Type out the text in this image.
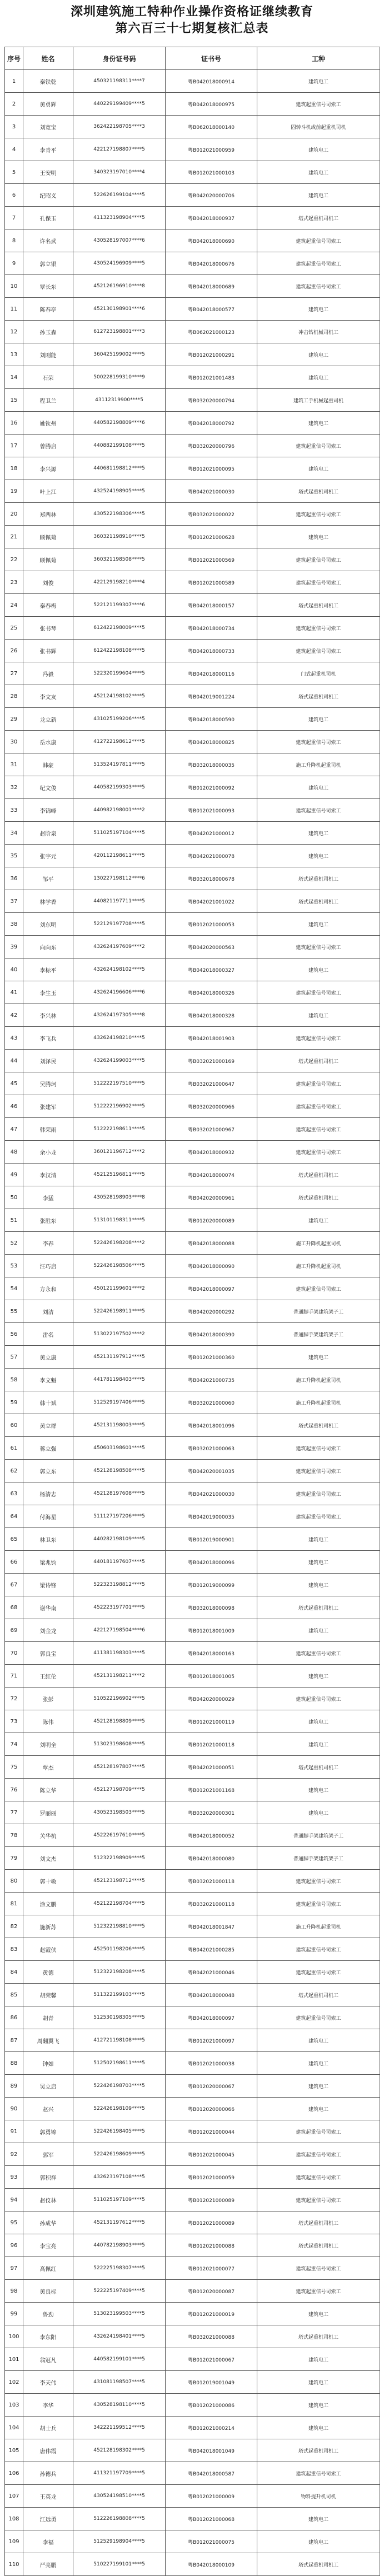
深圳建筑施工特种作业操作资格证继续教育
第六百三十七期复核汇总表
序号	姓名	身份证号码	证书号	工种
1	秦铁乾	450321198311****7	粤B042018000914	建筑电工
2	黄勇辉	440229199409****5	粤B042018000975	建筑起重信号司索工
3	刘宽宝	362422198705****3	粤B062018000140	固转斗机或前起重机司机
4	李青平	422127198807****5	粤B012021000959	建筑电工
5	王安明	340323197010****4	粤B012021000103	建筑电工
6	纪昭义	522626199104****5	粤B042020000706	建筑电工
7	孔保玉	411323198904****5	粤B042018000937	塔式起重机司机工
8	许名武	430528197007****6	粤B042018000690	建筑起重信号司索工
9	郭立银	430524196909****5	粤B042018000676	建筑起重信号司索工
10	覃长东	452126196910****8	粤B042018000689	建筑起重信号司索工
11	陈春亭	452130198901****6	粤B042018000577	建筑电工
12	孙玉森	612723198801****3	粤B062021000123	冲击钻机械司机工
13	刘刚能	360425199002****5	粤B012021000291	建筑电工
14	石荣	500228199310****9	粤B012021001483	建筑电工
15	程卫兰	43112319900****5	粤B032020000794	建筑工手机械起重司机
16	姚钦州	440582198809****6	粤B042018000792	建筑电工
17	曾腾启	440882199108****5	粤B032020000796	建筑起重信号司索工
18	李兴源	440681198812****5	粤B012021000095	建筑电工
19	叶上江	432524198905****5	粤B042021000030	塔式起重机司机工
20	郑两林	430522198306****5	粤B032021000022	建筑起重信号司索工
21	顾佩菊	360321198910****5	粤B012021000628	建筑电工
22	顾佩菊	360321198508****5	粤B012021000569	建筑起重信号司索工
23	刘俊	422129198210****4	粤B012021000589	建筑起重信号司索工
24	秦春梅	522121199307****6	粤B042018000157	塔式起重机司机工
25	张书琴	612422198009****5	粤B042018000734	建筑起重信号司索工
26	张书辉	612422198108****5	粤B042018000733	建筑起重信号司索工
27	冯毅	522320199604****5	粤B042018000116	门式起重机司机
28	李文友	452124198102****5	粤B042019001224	塔式起重机司机工
29	龙立新	431025199206****5	粤B042018000590	建筑电工
30	岳水康	412722198612****5	粤B042018000825	建筑起重信号司索工
31	韩豪	513524197811****5	粤B032018000035	施工升降机起重司机
32	纪文俊	440582199303****5	粤B012021000092	建筑电工
33	李锦峰	440982198001****2	粤B012021000093	建筑起重信号司索工
34	赵阶泉	511025197104****5	粤B042021000012	建筑电工
35	张宇元	420112198611****5	粤B042021000078	建筑电工
36	邹平	130227198112****6	粤B032018000678	塔式起重机司机工
37	林学香	440821197711****5	粤B042021001022	塔式起重机司机工
38	刘东明	522129197708****5	粤B012021000053	建筑电工
39	向向东	432624197609****2	粤B042020000563	建筑起重信号司索工
40	李标平	432624198102****5	粤B042018000327	建筑电工
41	李生玉	432624196606****6	粤B042018000326	建筑起重信号司索工
42	李兴林	432624197305****8	粤B042018000328	建筑电工
43	李飞兵	432624198210****5	粤B042018001903	建筑起重信号司索工
44	刘泽民	432624199003****5	粤B032021000169	塔式起重机司机工
45	吴腾珂	512222197510****5	粤B032021000647	建筑起重信号司索工
46	张建军	512222196902****5	粤B032020000966	建筑起重信号司索工
47	韩荣雨	512222198611****5	粤B032021000967	建筑起重信号司索工
48	余小龙	360121196712****2	粤B042018000932	建筑起重信号司索工
49	李汉清	452125196811****5	粤B042018000074	塔式起重机司机工
50	李猛	430528198903****8	粤B042020000961	塔式起重机司机工
51	张胜东	513101198311****5	粤B012020000089	建筑电工
52	李春	522426198208****2	粤B042018000088	施工升降机起重司机
53	汪巧启	522426198506****5	粤B042018000090	施工升降机起重司机
54	方永和	450121199601****2	粤B042018000097	建筑起重信号司索工
55	刘洁	522426198911****5	粤B042020000292	普通脚手架建筑架子工
56	雷名	513022197502****2	粤B042018000390	普通脚手架建筑架子工
57	黄立康	452131197912****5	粤B012021000360	建筑电工
58	李文魁	441781198403****5	粤B042021000735	施工升降机起重司机
59	韩十斌	512529197406****5	粤B032021000060	施工升降机起重司机
60	黄立群	452131198003****5	粤B042018001096	塔式起重机司机工
61	蒋立强	450603198601****5	粤B032021000063	建筑起重信号司索工
62	郭立东	452128198508****5	粤B042020001035	建筑起重信号司索工
63	杨清志	452128197608****5	粤B042021000030	建筑起重信号司索工
64	付海星	511127197206****5	粤B042019000035	建筑起重信号司索工
65	林卫东	440282198109****5	粤B012019000901	建筑电工
66	梁兆钧	440181197607****5	粤B042018000096	建筑电工
67	梁诗锋	522323198812****5	粤B012019000099	建筑电工
68	谢华南	452223197701****5	粤B032018000098	塔式起重机司机工
69	刘金龙	422127198504****6	粤B012018001009	建筑电工
70	郭良宝	411381198303****5	粤B042018000163	建筑起重信号司索工
71	王红伦	452131198211****2	粤B012018001005	建筑电工
72	张彭	510522196902****5	粤B042020000029	建筑起重信号司索工
73	陈伟	452128198809****5	粤B012021000119	建筑电工
74	刘明全	513023198608****5	粤B012021000118	建筑电工
75	覃杰	452128197807****5	粤B042021000051	塔式起重机司机工
76	陈立华	452127198709****5	粤B012021001168	建筑电工
77	罗丽丽	430523198503****5	粤B032020000301	建筑电工
78	关华杭	452226197610****5	粤B042018000052	普通脚手架建筑架子工
79	刘文杰	512322198909****5	粤B042018000080	普通脚手架建筑架子工
80	郭十敏	452123198712****5	粤B032021000118	建筑起重信号司索工
81	涂文鹏	452122198704****5	粤B032021000118	建筑起重信号司索工
82	施新苏	512322198810****5	粤B042018001847	施工升降机起重司机
83	赵霞侠	452501198206****5	粤B042021000285	建筑起重信号司索工
84	黄德	512322198208****5	粤B042021000046	建筑起重信号司索工
85	胡荣馨	511322199103****5	粤B042018000048	塔式起重机司机工
86	胡青	512530198305****5	粤B042018000097	建筑起重信号司索工
87	周翻翼飞	412721198108****5	粤B012021000097	建筑电工
88	钟如	512502198611****5	粤B012021000038	建筑电工
89	吴立启	522426198703****5	粤B012020000067	建筑电工
90	赵兴	522426198109****5	粤B012020000066	建筑电工
91	郭勇锦	522426198405****5	粤B012021000044	建筑起重信号司索工
92	郭军	522426198609****5	粤B012021000045	建筑起重信号司索工
93	郭积祥	432623197108****5	粤B012021000059	建筑起重信号司索工
94	赵仪林	511025197109****5	粤B012021000089	建筑起重信号司索工
95	孙成华	452131197612****5	粤B012021000089	塔式起重机司机工
96	李宝亮	440782198903****5	粤B012021000088	塔式起重机司机工
97	高佩红	522225198307****5	粤B012021000077	建筑起重信号司索工
98	黄良标	522225197409****5	粤B012020000087	建筑起重信号司索工
99	鲁劲	513023199503****5	粤B012021000019	建筑电工
100	李东阳	432624198401****5	粤B032021000088	塔式起重机司机工
101	翁冠凡	440582199101****5	粤B012021000067	建筑电工
102	李天伟	431081198507****5	粤B012019001049	建筑电工
103	李华	430528198110****5	粤B012021000086	建筑电工
104	胡士兵	342221199512****5	粤B012021000214	建筑电工
105	唐伟霞	452128198302****5	粤B042018001049	塔式起重机司机工
106	孙德兵	411321197709****5	粤B042018000587	建筑起重信号司索工
107	王英龙	430524198510****5	粤B012021000009	物料提升机司机
108	江远勇	512226198808****5	粤B012021000068	建筑电工
109	李福	512529198904****5	粤B012021000075	建筑电工
110	严亮鹏	510227199101****5	粤B042018000109	塔式起重机司机工
